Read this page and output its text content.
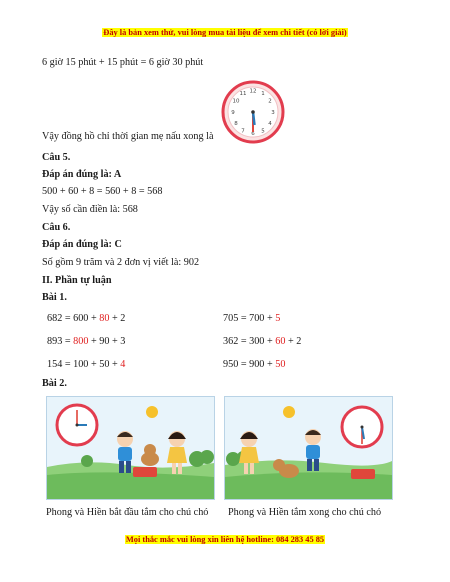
Đây là bản xem thử, vui lòng mua tài liệu để xem chi tiết (có lời giải)
6 giờ 15 phút + 15 phút = 6 giờ 30 phút
12 1
2
3
4
5
6
7
8
9
10
11
Vậy đồng hồ chỉ thời gian mẹ nấu xong là
Câu 5.
Đáp án đúng là: A
500 + 60 + 8 = 560 + 8 = 568
Vậy số cần điền là: 568
Câu 6.
Đáp án đúng là: C
Số gồm 9 trăm và 2 đơn vị viết là: 902
II. Phần tự luận
Bài 1.
682 = 600 + 80 + 2	705 = 700 + 5
893 = 800 + 90 + 3	362 = 300 + 60 + 2
154 = 100 + 50 + 4	950 = 900 + 50
Bài 2.
Phong và Hiền bắt đầu tắm cho chú chó Phong và Hiền tắm xong cho chú chó
Mọi thắc mắc vui lòng xin liên hệ hotline: 084 283 45 85
